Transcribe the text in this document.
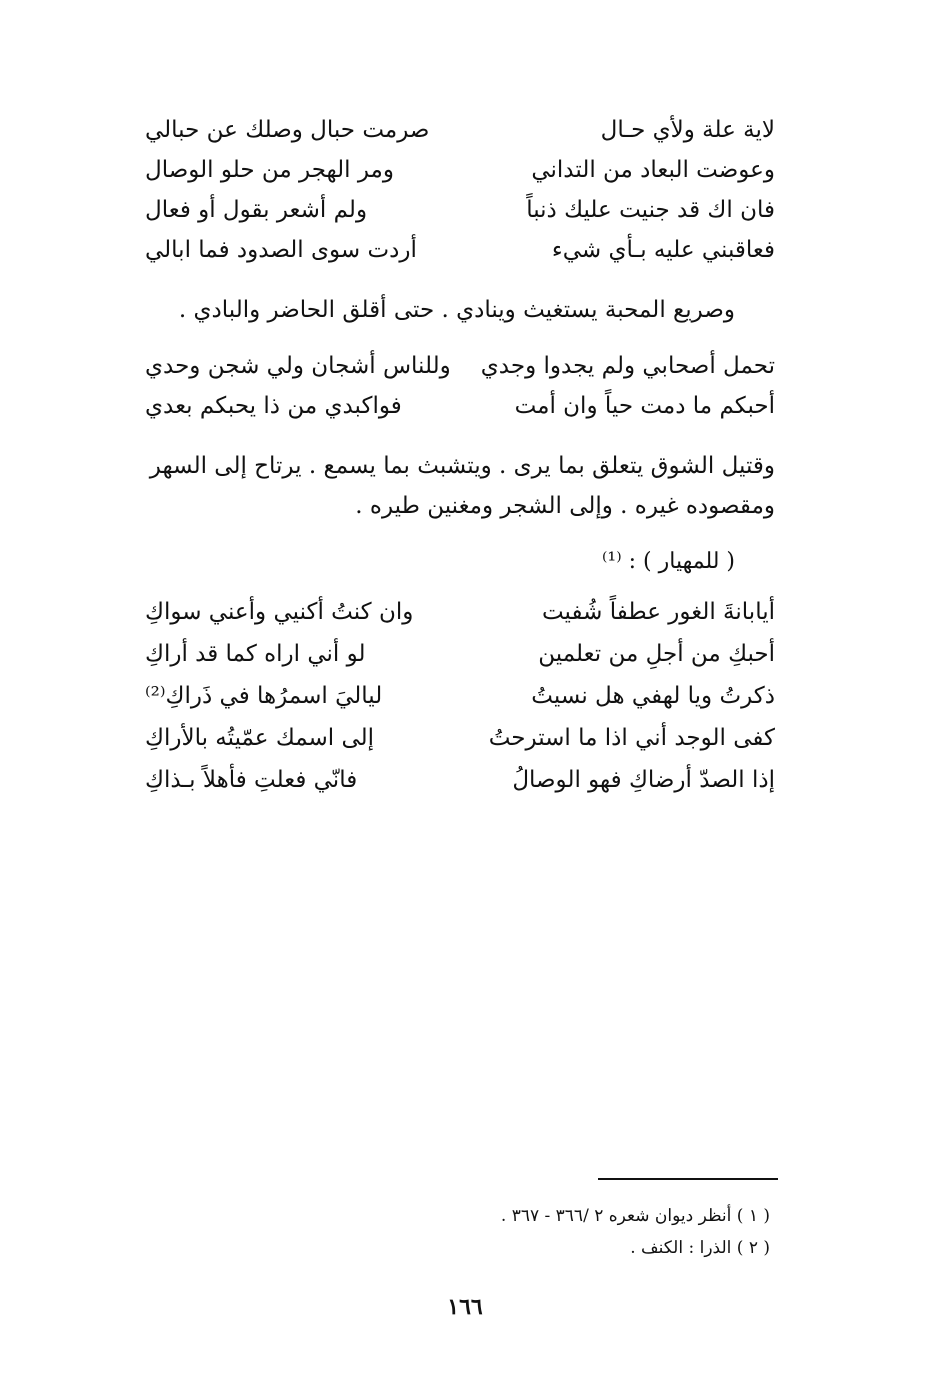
لاية علة ولأي حـال
صرمت حبال وصلك عن حبالي
وعوضت البعاد من التداني
ومر الهجر من حلو الوصال
فان اك قد جنيت عليك ذنباً
ولم أشعر بقول أو فعال
فعاقبني عليه بـأي شيء
أردت سوى الصدود فما ابالي
وصريع المحبة يستغيث وينادي . حتى أقلق الحاضر والبادي .
تحمل أصحابي ولم يجدوا وجدي
وللناس أشجان ولي شجن وحدي
أحبكم ما دمت حياً وان أمت
فواكبدي من ذا يحبكم بعدي
وقتيل الشوق يتعلق بما يرى . ويتشبث بما يسمع . يرتاح إلى السهر
ومقصوده غيره . وإلى الشجر ومغنين طيره .
( للمهيار ) : ⁽¹⁾
أيابانةَ الغور عطفاً شُفيت
وان كنتُ أكنيي وأعني سواكِ
أحبكِ من أجلِ من تعلمين
لو أني اراه كما قد أراكِ
ذكرتُ ويا لهفي هل نسيتُ
لياليَ اسمرُها في ذَراكِ⁽²⁾
كفى الوجد أني اذا ما استرحتُ
إلى اسمك عمّيتُه بالأراكِ
إذا الصدّ أرضاكِ فهو الوصالُ
فانّي فعلتِ فأهلاً بـذاكِ
( ١ ) أنظر ديوان شعره ٢ /٣٦٦ - ٣٦٧ .
( ٢ ) الذرا : الكنف .
١٦٦
